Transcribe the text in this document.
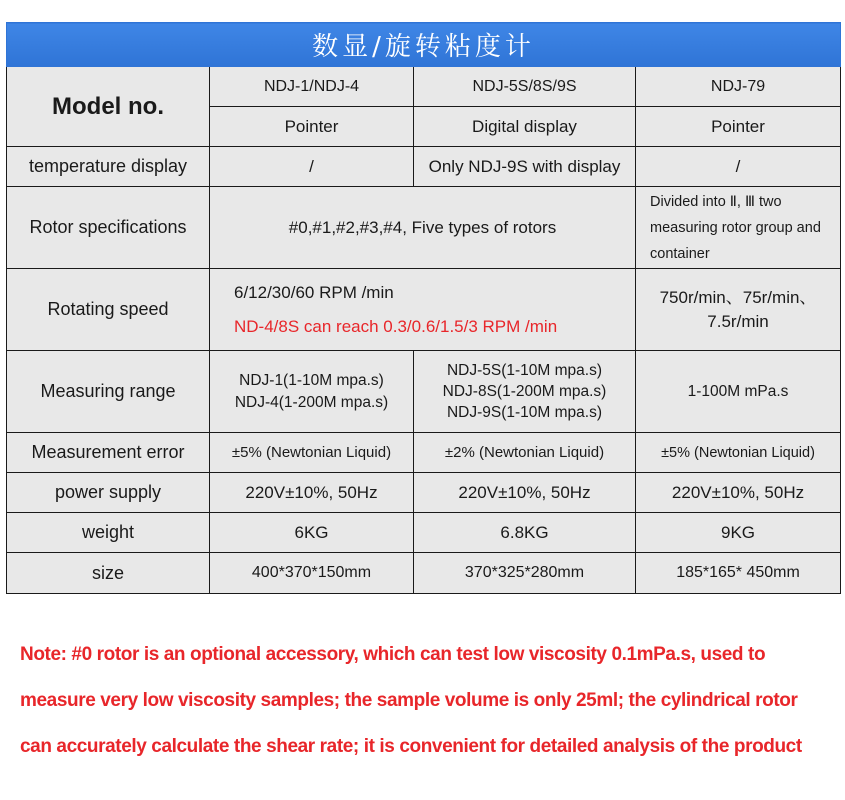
数显/旋转粘度计			
Model no.	NDJ-1/NDJ-4	NDJ-5S/8S/9S	NDJ-79
	Pointer	Digital display	Pointer
temperature display	/	Only NDJ-9S with display	/
Rotor specifications	#0,#1,#2,#3,#4, Five types of rotors		Divided into Ⅱ, Ⅲ two
measuring rotor group and
container

Rotating speed	6/12/30/60 RPM /min
ND-4/8S can reach 0.3/0.6/1.5/3 RPM /min		750r/min、75r/min、
7.5r/min

Measuring range	NDJ-1(1-10M mpa.s)
NDJ-4(1-200M mpa.s)	NDJ-5S(1-10M mpa.s)
NDJ-8S(1-200M mpa.s)
NDJ-9S(1-10M mpa.s)	1-100M mPa.s
Measurement error	±5% (Newtonian Liquid)	±2% (Newtonian Liquid)	±5% (Newtonian Liquid)
power supply	220V±10%, 50Hz	220V±10%, 50Hz	220V±10%, 50Hz
weight	6KG	6.8KG	9KG
size	400*370*150mm	370*325*280mm	185*165* 450mm
Note: #0 rotor is an optional accessory, which can test low viscosity 0.1mPa.s, used to
measure very low viscosity samples; the sample volume is only 25ml; the cylindrical rotor
can accurately calculate the shear rate; it is convenient for detailed analysis of the product
